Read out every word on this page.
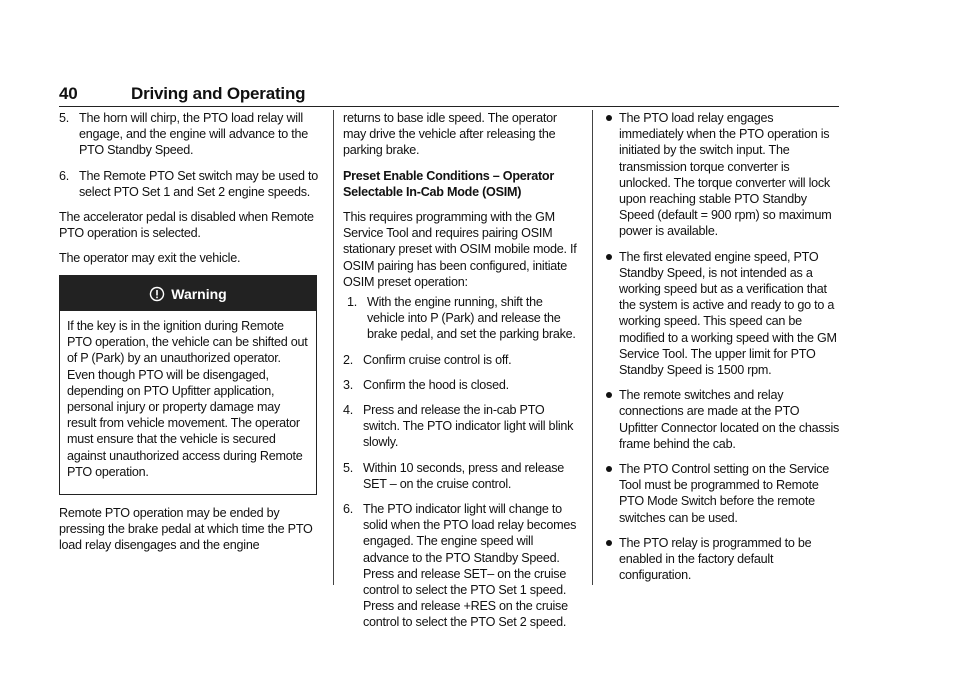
40	Driving and Operating
5. The horn will chirp, the PTO load relay will engage, and the engine will advance to the PTO Standby Speed.
6. The Remote PTO Set switch may be used to select PTO Set 1 and Set 2 engine speeds.

The accelerator pedal is disabled when Remote PTO operation is selected.

The operator may exit the vehicle.

Warning
If the key is in the ignition during Remote PTO operation, the vehicle can be shifted out of P (Park) by an unauthorized operator. Even though PTO will be disengaged, depending on PTO Upfitter application, personal injury or property damage may result from vehicle movement. The operator must ensure that the vehicle is secured against unauthorized access during Remote PTO operation.
Remote PTO operation may be ended by pressing the brake pedal at which time the PTO load relay disengages and the engine

returns to base idle speed. The operator may drive the vehicle after releasing the parking brake.

Preset Enable Conditions – Operator Selectable In-Cab Mode (OSIM)

This requires programming with the GM Service Tool and requires pairing OSIM stationary preset with OSIM mobile mode. If OSIM pairing has been configured, initiate OSIM preset operation:

1. With the engine running, shift the vehicle into P (Park) and release the brake pedal, and set the parking brake.
2. Confirm cruise control is off.
3. Confirm the hood is closed.
4. Press and release the in-cab PTO switch. The PTO indicator light will blink slowly.
5. Within 10 seconds, press and release SET – on the cruise control.
6. The PTO indicator light will change to solid when the PTO load relay becomes engaged. The engine speed will advance to the PTO Standby Speed. Press and release SET– on the cruise control to select the PTO Set 1 speed. Press and release +RES on the cruise control to select the PTO Set 2 speed.
The PTO load relay engages immediately when the PTO operation is initiated by the switch input. The transmission torque converter is unlocked. The torque converter will lock upon reaching stable PTO Standby Speed (default = 900 rpm) so maximum power is available.
The first elevated engine speed, PTO Standby Speed, is not intended as a working speed but as a verification that the system is active and ready to go to a working speed. This speed can be modified to a working speed with the GM Service Tool. The upper limit for PTO Standby Speed is 1500 rpm.
The remote switches and relay connections are made at the PTO Upfitter Connector located on the chassis frame behind the cab.
The PTO Control setting on the Service Tool must be programmed to Remote PTO Mode Switch before the remote switches can be used.
The PTO relay is programmed to be enabled in the factory default configuration.
